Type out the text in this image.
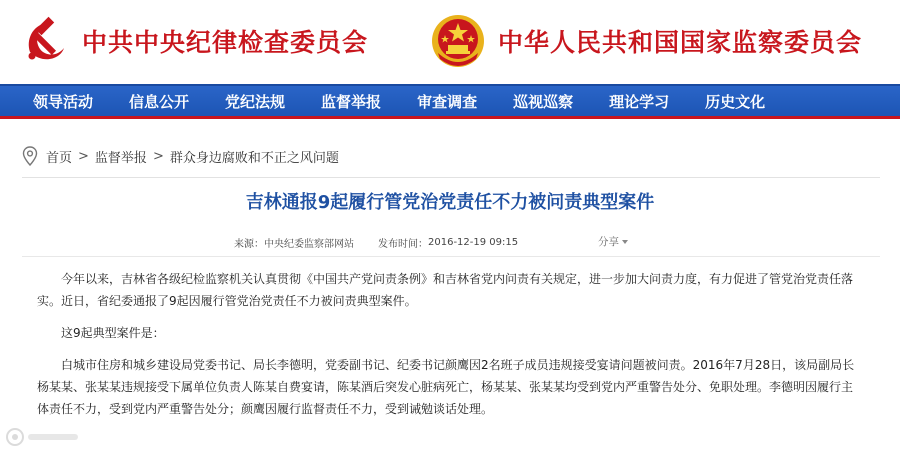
中共中央纪律检查委员会	中华人民共和国国家监察委员会
领导活动 信息公开 党纪法规 监督举报 审查调查 巡视巡察 理论学习 历史文化
首页 > 监督举报 > 群众身边腐败和不正之风问题
吉林通报9起履行管党治党责任不力被问责典型案件
来源： 中央纪委监察部网站 发布时间： 2016-12-19 09:15	分享

今年以来，吉林省各级纪检监察机关认真贯彻《中国共产党问责条例》和吉林省党内问责有关规定，进一步加大问责力度，有力促进了管党治党责任落实。近日，省纪委通报了9起因履行管党治党责任不力被问责典型案件。

这9起典型案件是：

白城市住房和城乡建设局党委书记、局长李德明，党委副书记、纪委书记颜鹰因2名班子成员违规接受宴请问题被问责。2016年7月28日，该局副局长杨某某、张某某违规接受下属单位负责人陈某自费宴请，陈某酒后突发心脏病死亡，杨某某、张某某均受到党内严重警告处分、免职处理。李德明因履行主体责任不力，受到党内严重警告处分；颜鹰因履行监督责任不力，受到诫勉谈话处理。
